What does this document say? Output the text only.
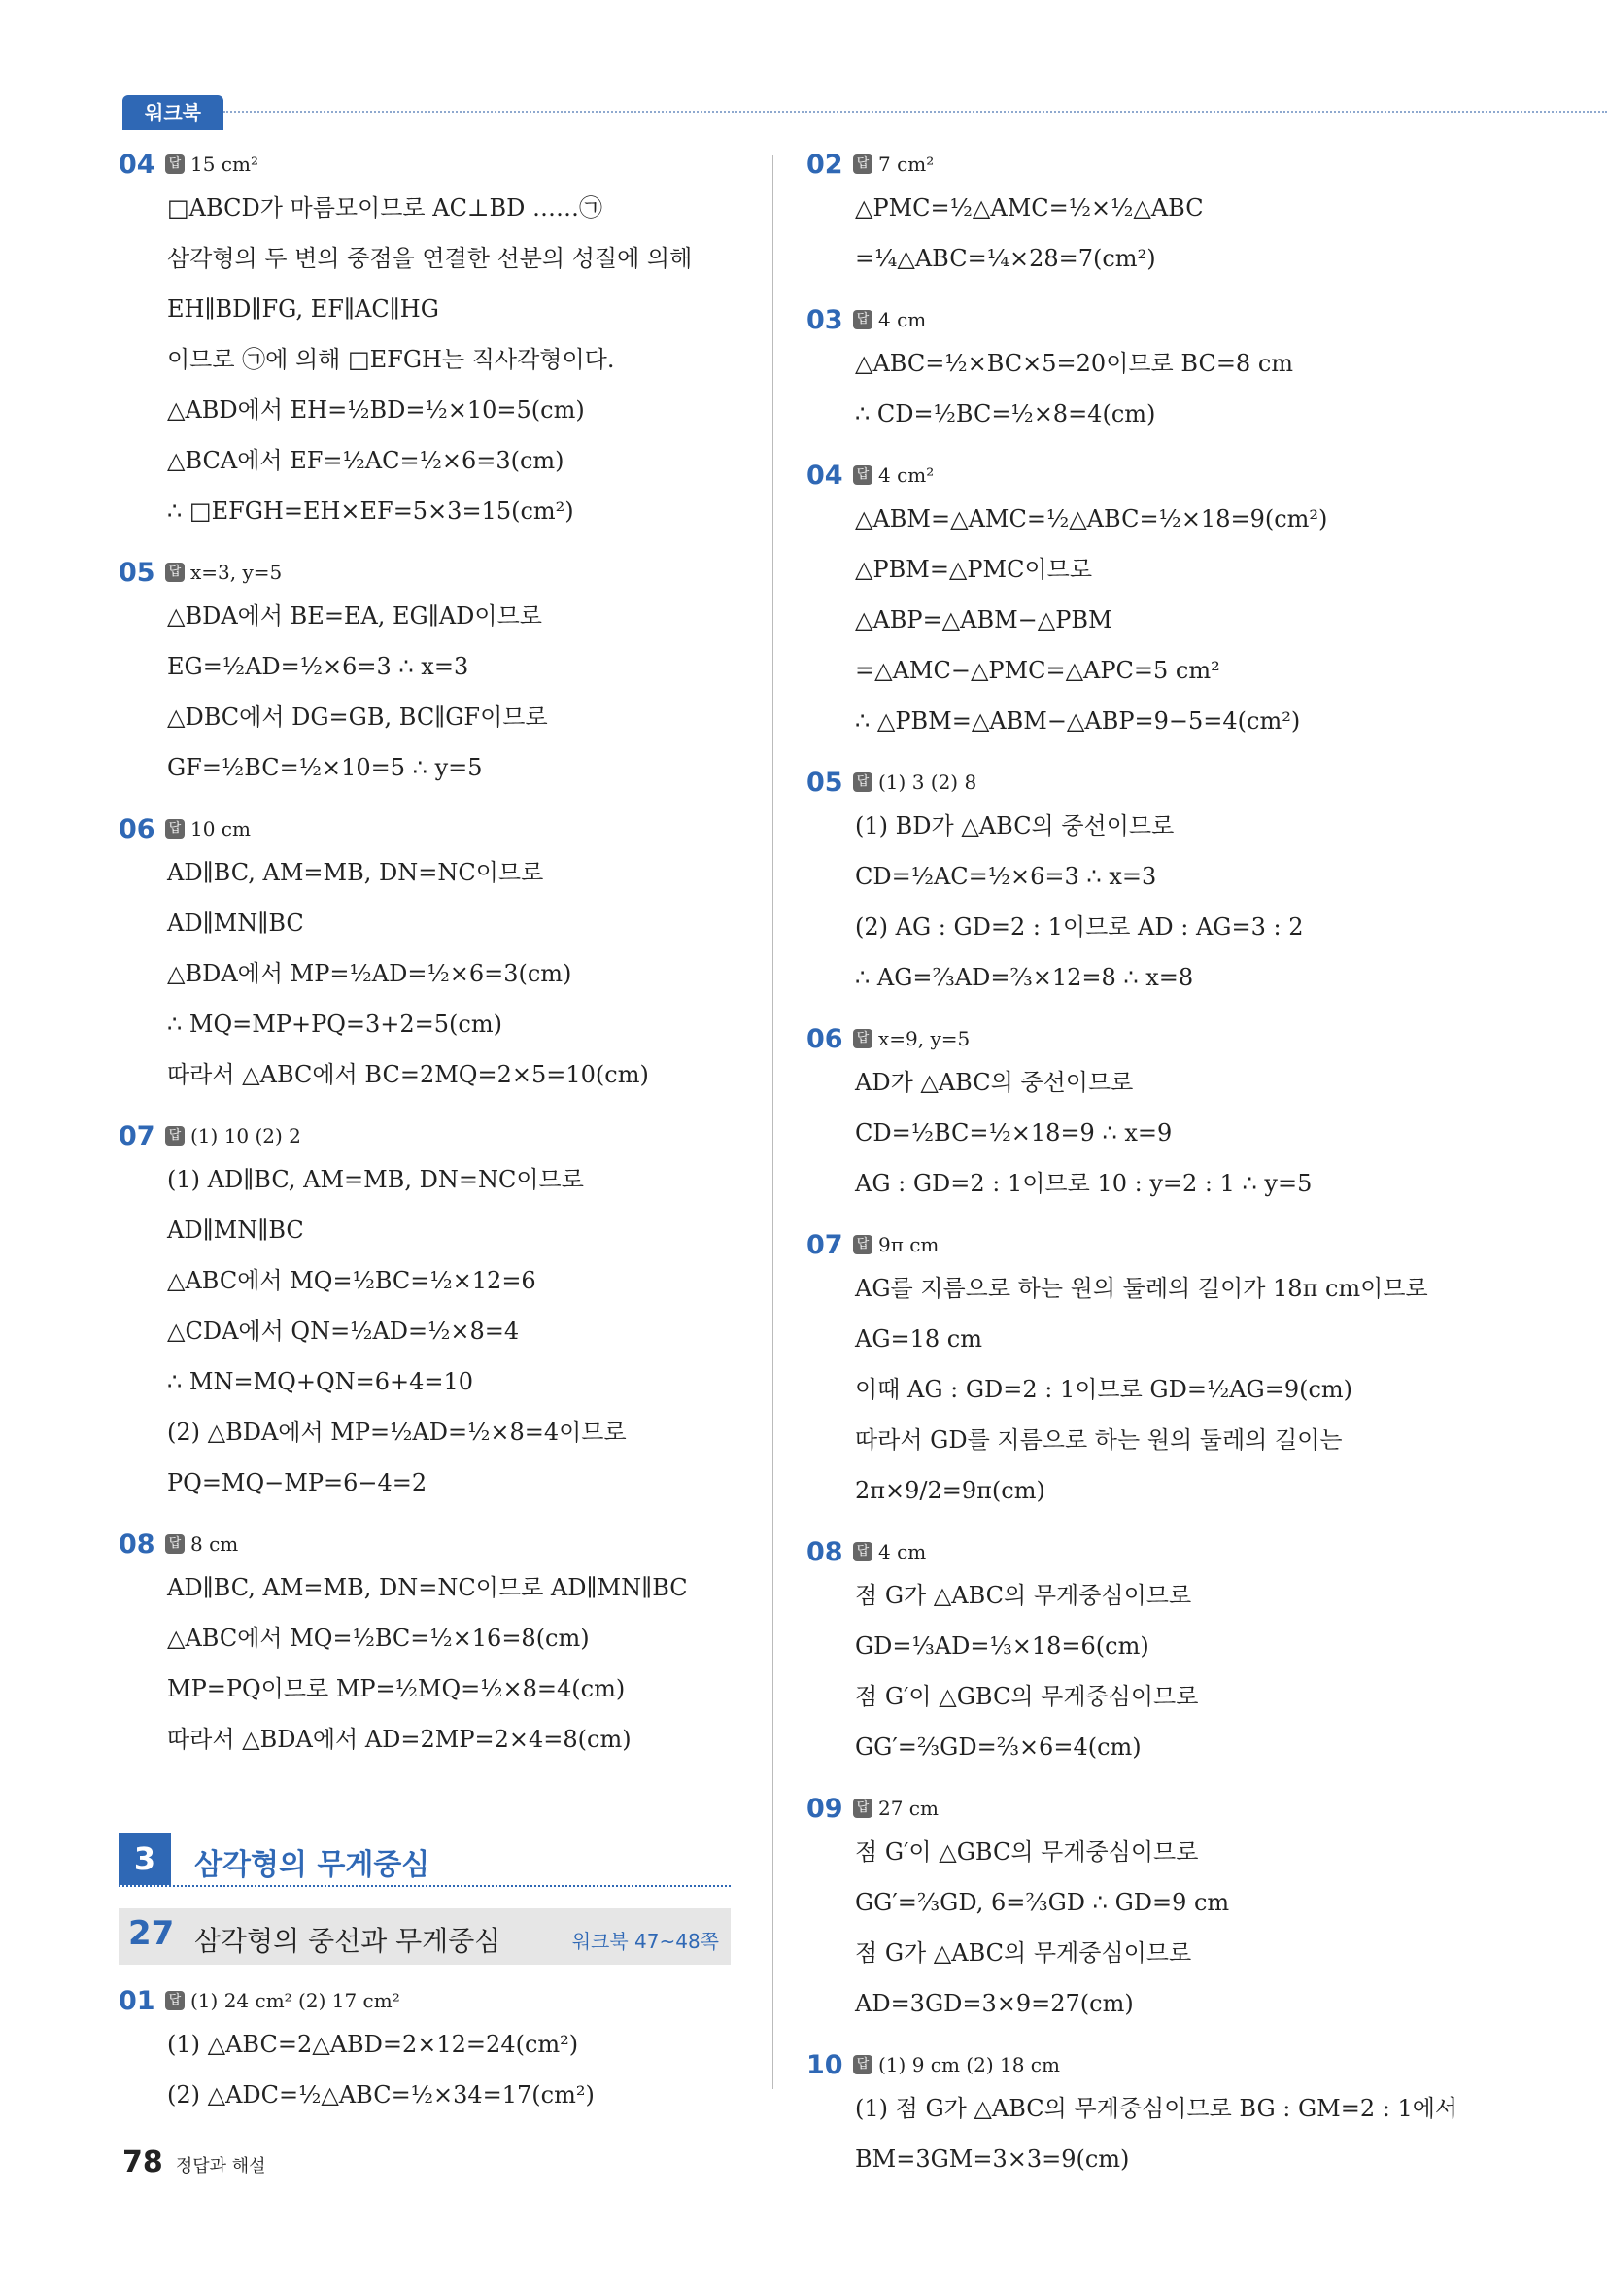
워크북
04	답 15 cm²
□ABCD가 마름모이므로 AC⊥BD ……㉠
삼각형의 두 변의 중점을 연결한 선분의 성질에 의해
EH∥BD∥FG, EF∥AC∥HG
이므로 ㉠에 의해 □EFGH는 직사각형이다.
△ABD에서 EH=½BD=½×10=5(cm)
△BCA에서 EF=½AC=½×6=3(cm)
∴ □EFGH=EH×EF=5×3=15(cm²)
05	답 x=3, y=5
△BDA에서 BE=EA, EG∥AD이므로
EG=½AD=½×6=3 ∴ x=3
△DBC에서 DG=GB, BC∥GF이므로
GF=½BC=½×10=5 ∴ y=5
06	답 10 cm
AD∥BC, AM=MB, DN=NC이므로
AD∥MN∥BC
△BDA에서 MP=½AD=½×6=3(cm)
∴ MQ=MP+PQ=3+2=5(cm)
따라서 △ABC에서 BC=2MQ=2×5=10(cm)
07	답 (1) 10 (2) 2
(1) AD∥BC, AM=MB, DN=NC이므로
AD∥MN∥BC
△ABC에서 MQ=½BC=½×12=6
△CDA에서 QN=½AD=½×8=4
∴ MN=MQ+QN=6+4=10
(2) △BDA에서 MP=½AD=½×8=4이므로
PQ=MQ−MP=6−4=2
08	답 8 cm
AD∥BC, AM=MB, DN=NC이므로 AD∥MN∥BC
△ABC에서 MQ=½BC=½×16=8(cm)
MP=PQ이므로 MP=½MQ=½×8=4(cm)
따라서 △BDA에서 AD=2MP=2×4=8(cm)
3	삼각형의 무게중심
27 삼각형의 중선과 무게중심	워크북 47~48쪽
01	답 (1) 24 cm² (2) 17 cm²
(1) △ABC=2△ABD=2×12=24(cm²)
(2) △ADC=½△ABC=½×34=17(cm²)
02	답 7 cm²
△PMC=½△AMC=½×½△ABC
=¼△ABC=¼×28=7(cm²)
03	답 4 cm
△ABC=½×BC×5=20이므로 BC=8 cm
∴ CD=½BC=½×8=4(cm)
04	답 4 cm²
△ABM=△AMC=½△ABC=½×18=9(cm²)
△PBM=△PMC이므로
△ABP=△ABM−△PBM
=△AMC−△PMC=△APC=5 cm²
∴ △PBM=△ABM−△ABP=9−5=4(cm²)
05	답 (1) 3 (2) 8
(1) BD가 △ABC의 중선이므로
CD=½AC=½×6=3 ∴ x=3
(2) AG : GD=2 : 1이므로 AD : AG=3 : 2
∴ AG=⅔AD=⅔×12=8 ∴ x=8
06	답 x=9, y=5
AD가 △ABC의 중선이므로
CD=½BC=½×18=9 ∴ x=9
AG : GD=2 : 1이므로 10 : y=2 : 1 ∴ y=5
07	답 9π cm
AG를 지름으로 하는 원의 둘레의 길이가 18π cm이므로
AG=18 cm
이때 AG : GD=2 : 1이므로 GD=½AG=9(cm)
따라서 GD를 지름으로 하는 원의 둘레의 길이는
2π×9/2=9π(cm)
08	답 4 cm
점 G가 △ABC의 무게중심이므로
GD=⅓AD=⅓×18=6(cm)
점 G′이 △GBC의 무게중심이므로
GG′=⅔GD=⅔×6=4(cm)
09	답 27 cm
점 G′이 △GBC의 무게중심이므로
GG′=⅔GD, 6=⅔GD ∴ GD=9 cm
점 G가 △ABC의 무게중심이므로
AD=3GD=3×9=27(cm)
10	답 (1) 9 cm (2) 18 cm
(1) 점 G가 △ABC의 무게중심이므로 BG : GM=2 : 1에서
BM=3GM=3×3=9(cm)
78 정답과 해설
